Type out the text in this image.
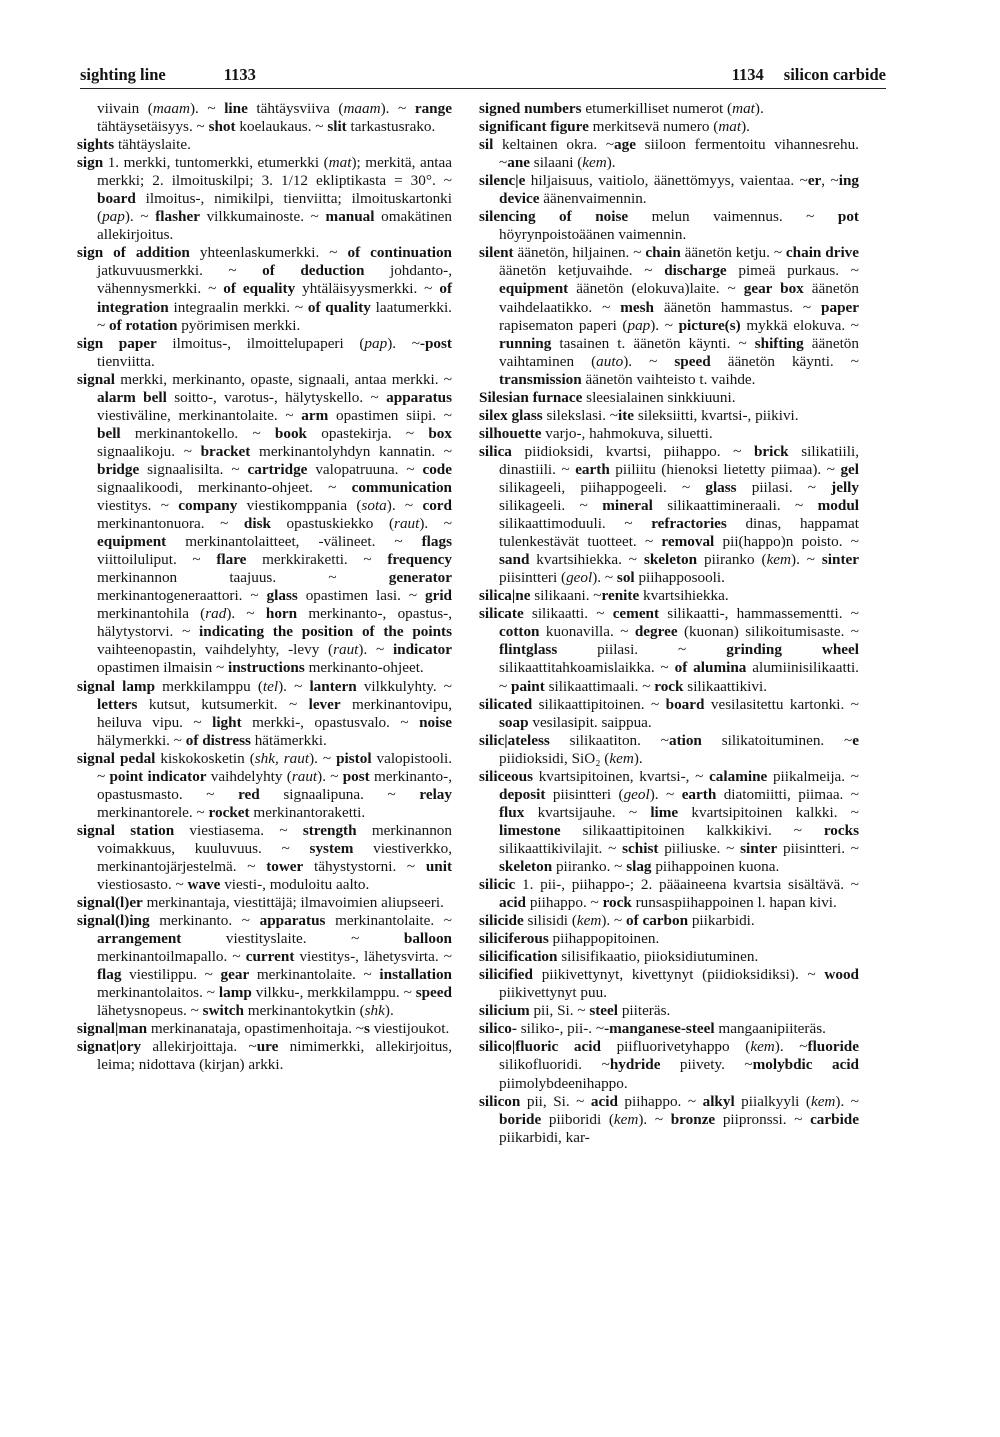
sighting line	1133	1134 silicon carbide

viivain (maam). ~ line tähtäysviiva (maam). ~ range tähtäysetäisyys. ~ shot koelaukaus. ~ slit tarkastusrako.

sights tähtäyslaite.

sign 1. merkki, tuntomerkki, etumerkki (mat); merkitä, antaa merkki; 2. ilmoituskilpi; 3. 1/12 ekliptikasta = 30°. ~ board ilmoitus-, nimikilpi, tienviitta; ilmoituskartonki (pap). ~ flasher vilkkumainoste. ~ manual omakätinen allekirjoitus.

sign of addition yhteenlaskumerkki. ~ of continuation jatkuvuusmerkki. ~ of deduction johdanto-, vähennysmerkki. ~ of equality yhtäläisyysmerkki. ~ of integration integraalin merkki. ~ of quality laatumerkki. ~ of rotation pyörimisen merkki.

sign paper ilmoitus-, ilmoittelupaperi (pap). ~-post tienviitta.

signal merkki, merkinanto, opaste, signaali, antaa merkki. ~ alarm bell soitto-, varotus-, hälytyskello. ~ apparatus viestiväline, merkinantolaite. ~ arm opastimen siipi. ~ bell merkinantokello. ~ book opastekirja. ~ box signaalikoju. ~ bracket merkinantolyhdyn kannatin. ~ bridge signaalisilta. ~ cartridge valopatruuna. ~ code signaalikoodi, merkinanto-ohjeet. ~ communication viestitys. ~ company viestikomppania (sota). ~ cord merkinantonuora. ~ disk opastuskiekko (raut). ~ equipment merkinantolaitteet, -välineet. ~ flags viittoiluliput. ~ flare merkkiraketti. ~ frequency merkinannon taajuus. ~ generator merkinantogeneraattori. ~ glass opastimen lasi. ~ grid merkinantohila (rad). ~ horn merkinanto-, opastus-, hälytystorvi. ~ indicating the position of the points vaihteenopastin, vaihdelyhty, -levy (raut). ~ indicator opastimen ilmaisin ~ instructions merkinanto-ohjeet.

signal lamp merkkilamppu (tel). ~ lantern vilkkulyhty. ~ letters kutsut, kutsumerkit. ~ lever merkinantovipu, heiluva vipu. ~ light merkki-, opastusvalo. ~ noise hälymerkki. ~ of distress hätämerkki.

signal pedal kiskokosketin (shk, raut). ~ pistol valopistooli. ~ point indicator vaihdelyhty (raut). ~ post merkinanto-, opastusmasto. ~ red signaalipuna. ~ relay merkinantorele. ~ rocket merkinantoraketti.

signal station viestiasema. ~ strength merkinannon voimakkuus, kuuluvuus. ~ system viestiverkko, merkinantojärjestelmä. ~ tower tähystystorni. ~ unit viestiosasto. ~ wave viesti-, moduloitu aalto.

signal(l)er merkinantaja, viestittäjä; ilmavoimien aliupseeri.

signal(l)ing merkinanto. ~ apparatus merkinantolaite. ~ arrangement viestityslaite. ~ balloon merkinantoilmapallo. ~ current viestitys-, lähetysvirta. ~ flag viestilippu. ~ gear merkinantolaite. ~ installation merkinantolaitos. ~ lamp vilkku-, merkkilamppu. ~ speed lähetysnopeus. ~ switch merkinantokytkin (shk).

signal|man merkinanataja, opastimenhoitaja. ~s viestijoukot.

signat|ory allekirjoittaja. ~ure nimimerkki, allekirjoitus, leima; nidottava (kirjan) arkki.

signed numbers etumerkilliset numerot (mat).

significant figure merkitsevä numero (mat).

sil keltainen okra. ~age siiloon fermentoitu vihannesrehu. ~ane silaani (kem).

silenc|e hiljaisuus, vaitiolo, äänettömyys, vaientaa. ~er, ~ing device äänenvaimennin.

silencing of noise melun vaimennus. ~ pot höyrynpoistoäänen vaimennin.

silent äänetön, hiljainen. ~ chain äänetön ketju. ~ chain drive äänetön ketjuvaihde. ~ discharge pimeä purkaus. ~ equipment äänetön (elokuva)laite. ~ gear box äänetön vaihdelaatikko. ~ mesh äänetön hammastus. ~ paper rapisematon paperi (pap). ~ picture(s) mykkä elokuva. ~ running tasainen t. äänetön käynti. ~ shifting äänetön vaihtaminen (auto). ~ speed äänetön käynti. ~ transmission äänetön vaihteisto t. vaihde.

Silesian furnace sleesialainen sinkkiuuni.

silex glass silekslasi. ~ite sileksiitti, kvartsi-, piikivi.

silhouette varjo-, hahmokuva, siluetti.

silica piidioksidi, kvartsi, piihappo. ~ brick silikatiili, dinastiili. ~ earth piiliitu (hienoksi lietetty piimaa). ~ gel silikageeli, piihappogeeli. ~ glass piilasi. ~ jelly silikageeli. ~ mineral silikaattimineraali. ~ modul silikaattimoduuli. ~ refractories dinas, happamat tulenkestävät tuotteet. ~ removal pii(happo)n poisto. ~ sand kvartsihiekka. ~ skeleton piiranko (kem). ~ sinter piisintteri (geol). ~ sol piihapposooli.

silica|ne silikaani. ~renite kvartsihiekka.

silicate silikaatti. ~ cement silikaatti-, hammassementti. ~ cotton kuonavilla. ~ degree (kuonan) silikoitumisaste. ~ flintglass piilasi. ~ grinding wheel silikaattitahkoamislaikka. ~ of alumina alumiinisilikaatti. ~ paint silikaattimaali. ~ rock silikaattikivi.

silicated silikaattipitoinen. ~ board vesilasitettu kartonki. ~ soap vesilasipit. saippua.

silic|ateless silikaatiton. ~ation silikatoituminen. ~e piidioksidi, SiO₂ (kem).

siliceous kvartsipitoinen, kvartsi-, ~ calamine piikalmeija. ~ deposit piisintteri (geol). ~ earth diatomiitti, piimaa. ~ flux kvartsijauhe. ~ lime kvartsipitoinen kalkki. ~ limestone silikaattipitoinen kalkkikivi. ~ rocks silikaattikivilajit. ~ schist piiliuske. ~ sinter piisintteri. ~ skeleton piiranko. ~ slag piihappoinen kuona.

silicic 1. pii-, piihappo-; 2. pääaineena kvartsia sisältävä. ~ acid piihappo. ~ rock runsaspiihappoinen l. hapan kivi.

silicide silisidi (kem). ~ of carbon piikarbidi.

siliciferous piihappopitoinen.

silicification silisifikaatio, piioksidiutuminen.

silicified piikivettynyt, kivettynyt (piidioksidiksi). ~ wood piikivettynyt puu.

silicium pii, Si. ~ steel piiteräs.

silico- siliko-, pii-. ~-manganese-steel mangaanipiiteräs.

silico|fluoric acid piifluorivetyhappo (kem). ~fluoride silikofluoridi. ~hydride piivety. ~molybdic acid piimolybdeenihappo.

silicon pii, Si. ~ acid piihappo. ~ alkyl piialkyyli (kem). ~ boride piiboridi (kem). ~ bronze piipronssi. ~ carbide piikarbidi, kar-
